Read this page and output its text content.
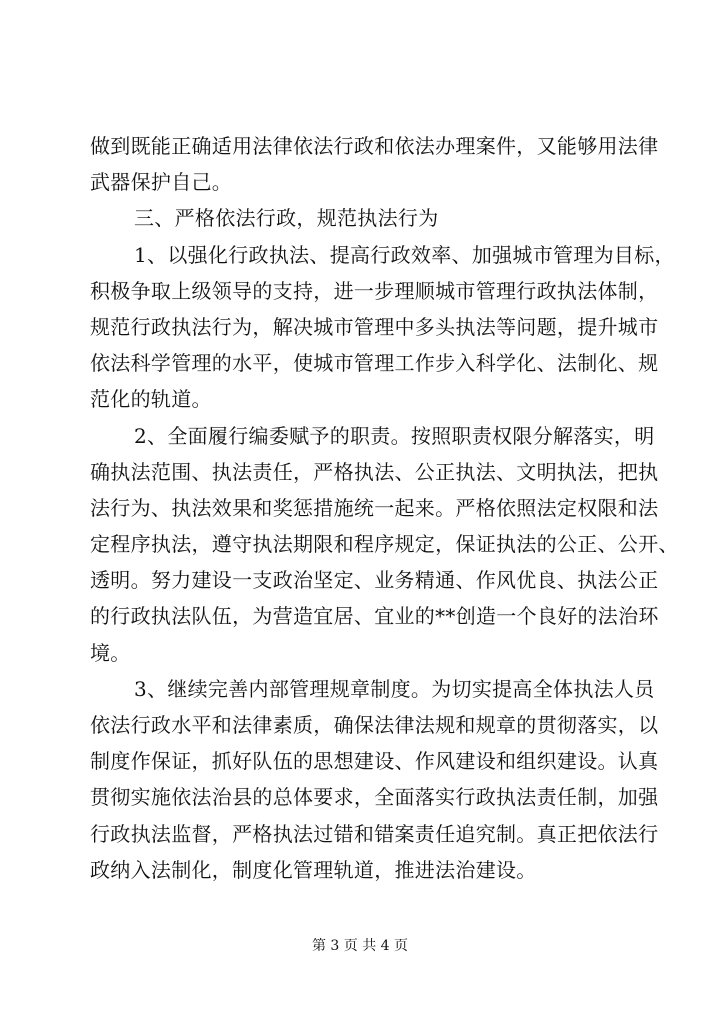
做到既能正确适用法律依法行政和依法办理案件，又能够用法律
武器保护自己。
三、严格依法行政，规范执法行为
1、以强化行政执法、提高行政效率、加强城市管理为目标，
积极争取上级领导的支持，进一步理顺城市管理行政执法体制，
规范行政执法行为，解决城市管理中多头执法等问题，提升城市
依法科学管理的水平，使城市管理工作步入科学化、法制化、规
范化的轨道。
2、全面履行编委赋予的职责。按照职责权限分解落实，明
确执法范围、执法责任，严格执法、公正执法、文明执法，把执
法行为、执法效果和奖惩措施统一起来。严格依照法定权限和法
定程序执法，遵守执法期限和程序规定，保证执法的公正、公开、
透明。努力建设一支政治坚定、业务精通、作风优良、执法公正
的行政执法队伍，为营造宜居、宜业的**创造一个良好的法治环
境。
3、继续完善内部管理规章制度。为切实提高全体执法人员
依法行政水平和法律素质，确保法律法规和规章的贯彻落实，以
制度作保证，抓好队伍的思想建设、作风建设和组织建设。认真
贯彻实施依法治县的总体要求，全面落实行政执法责任制，加强
行政执法监督，严格执法过错和错案责任追究制。真正把依法行
政纳入法制化，制度化管理轨道，推进法治建设。
第 3 页 共 4 页
